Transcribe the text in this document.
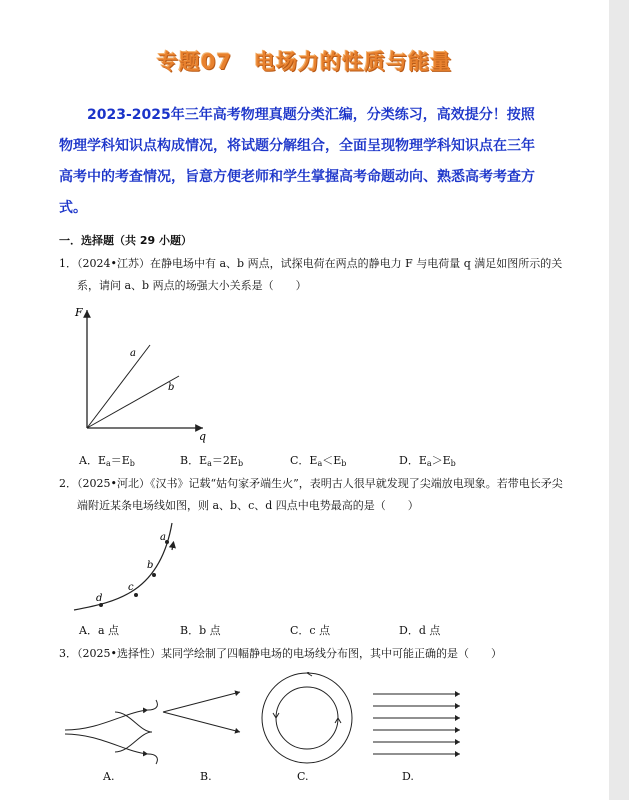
专题07　电场力的性质与能量
2023-2025年三年高考物理真题分类汇编，分类练习，高效提分！按照物理学科知识点构成情况，将试题分解组合，全面呈现物理学科知识点在三年高考中的考查情况，旨意方便老师和学生掌握高考命题动向、熟悉高考考查方式。
一．选择题（共 29 小题）
1．（2024•江苏）在静电场中有 a、b 两点，试探电荷在两点的静电力 F 与电荷量 q 满足如图所示的关系，请问 a、b 两点的场强大小关系是（　　）
F
q
a
b
A．$E_a=E_b$	B．$E_a=2E_b$	C．$E_a<E_b$	D．$E_a>E_b$
2．（2025•河北）《汉书》记载“姑句家矛端生火”，表明古人很早就发现了尖端放电现象。若带电长矛尖端附近某条电场线如图，则 a、b、c、d 四点中电势最高的是（　　）
a
b
c
d
A．a 点	B．b 点	C．c 点	D．d 点
3．（2025•选择性）某同学绘制了四幅静电场的电场线分布图，其中可能正确的是（　　）
A.	B.	C.	D.
